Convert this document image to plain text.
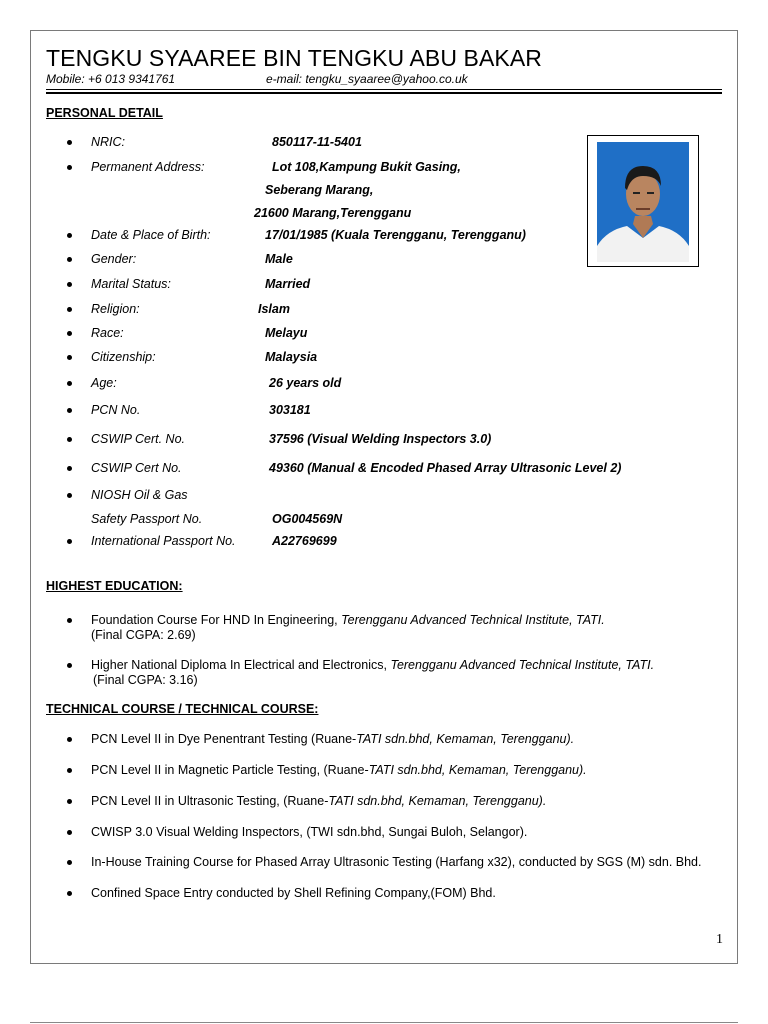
TENGKU SYAAREE BIN TENGKU ABU BAKAR
Mobile: +6 013 9341761	e-mail: tengku_syaaree@yahoo.co.uk
PERSONAL DETAIL
NRIC:	850117-11-5401
Permanent Address:	Lot 108,Kampung Bukit Gasing,
Seberang Marang,
21600 Marang,Terengganu
Date & Place of Birth:	17/01/1985 (Kuala Terengganu, Terengganu)
Gender:	Male
Marital Status:	Married
Religion:	Islam
Race:	Melayu
Citizenship:	Malaysia
Age:	26 years old
PCN No.	303181
CSWIP Cert. No.	37596 (Visual Welding Inspectors 3.0)
CSWIP Cert No.	49360 (Manual & Encoded Phased Array Ultrasonic Level 2)
NIOSH Oil & Gas
Safety Passport No.	OG004569N
International Passport No.	A22769699
HIGHEST EDUCATION:
Foundation Course For HND In Engineering, Terengganu Advanced Technical Institute, TATI.
(Final CGPA: 2.69)
Higher National Diploma In Electrical and Electronics, Terengganu Advanced Technical Institute, TATI.
(Final CGPA: 3.16)
TECHNICAL COURSE / TECHNICAL COURSE:
PCN Level II in Dye Penentrant Testing (Ruane-TATI sdn.bhd, Kemaman, Terengganu).
PCN Level II in Magnetic Particle Testing, (Ruane-TATI sdn.bhd, Kemaman, Terengganu).
PCN Level II in Ultrasonic Testing, (Ruane-TATI sdn.bhd, Kemaman, Terengganu).
CWISP 3.0 Visual Welding Inspectors, (TWI sdn.bhd, Sungai Buloh, Selangor).
In-House Training Course for Phased Array Ultrasonic Testing (Harfang x32), conducted by SGS (M) sdn. Bhd.
Confined Space Entry conducted by Shell Refining Company,(FOM) Bhd.
1
